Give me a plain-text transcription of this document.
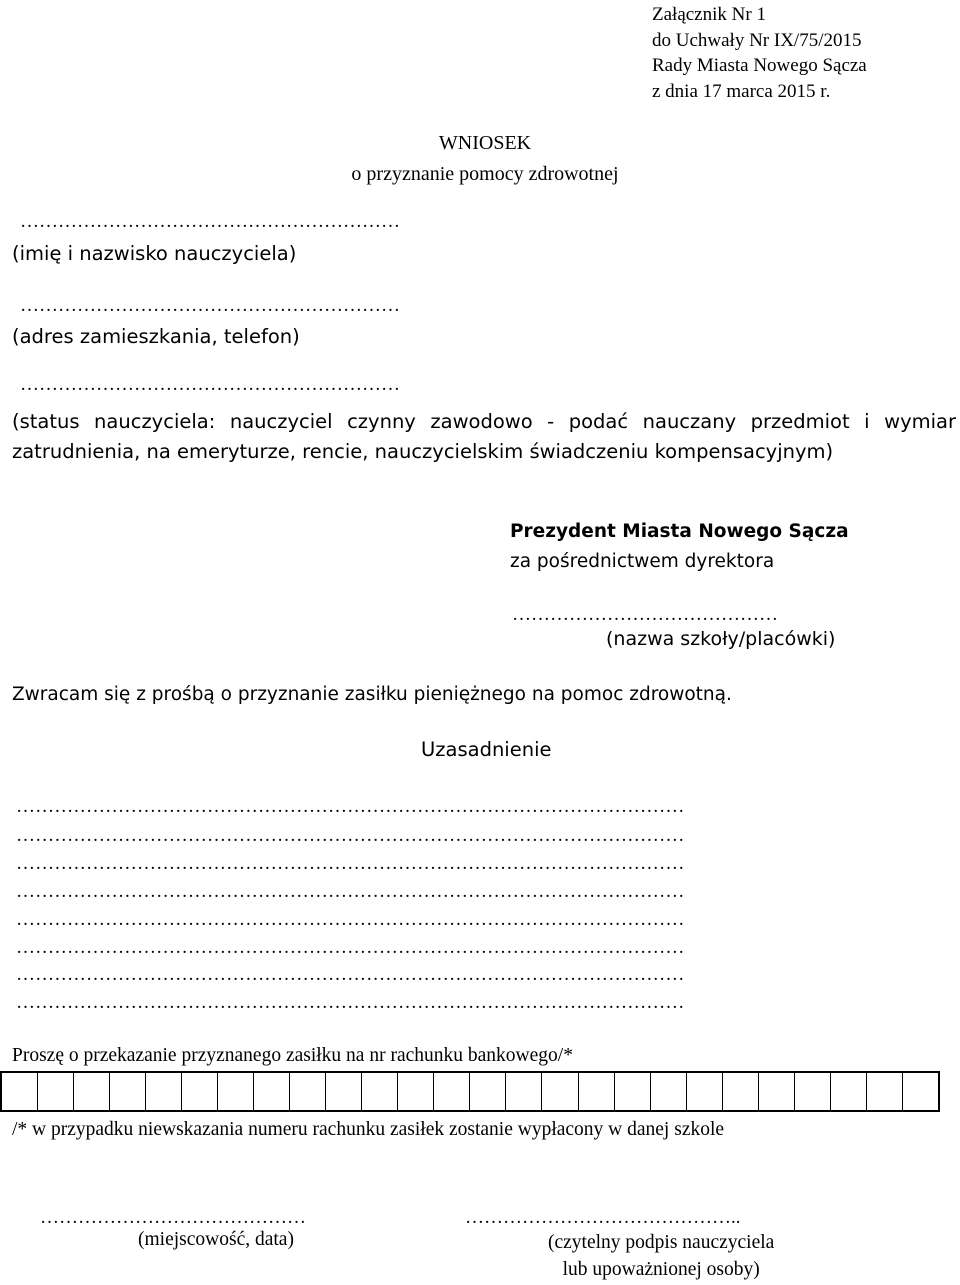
Załącznik Nr 1
do Uchwały Nr IX/75/2015
Rady Miasta Nowego Sącza
z dnia 17 marca 2015 r.
WNIOSEK
o przyznanie pomocy zdrowotnej
……………………………………………………
(imię i nazwisko nauczyciela)
……………………………………………………
(adres zamieszkania, telefon)
……………………………………………………

(status nauczyciela: nauczyciel czynny zawodowo - podać nauczany przedmiot i wymiar zatrudnienia, na emeryturze, rencie, nauczycielskim świadczeniu kompensacyjnym)

Prezydent Miasta Nowego Sącza
za pośrednictwem dyrektora
……………………………………
(nazwa szkoły/placówki)
Zwracam się z prośbą o przyznanie zasiłku pieniężnego na pomoc zdrowotną.
Uzasadnienie
……………………………………………………………………………………………
……………………………………………………………………………………………
……………………………………………………………………………………………
……………………………………………………………………………………………
……………………………………………………………………………………………
……………………………………………………………………………………………
……………………………………………………………………………………………
……………………………………………………………………………………………
Proszę o przekazanie przyznanego zasiłku na nr rachunku bankowego/*
/* w przypadku niewskazania numeru rachunku zasiłek zostanie wypłacony w danej szkole
……………………………………
(miejscowość, data)
……………………………………..
(czytelny podpis nauczyciela
lub upoważnionej osoby)
